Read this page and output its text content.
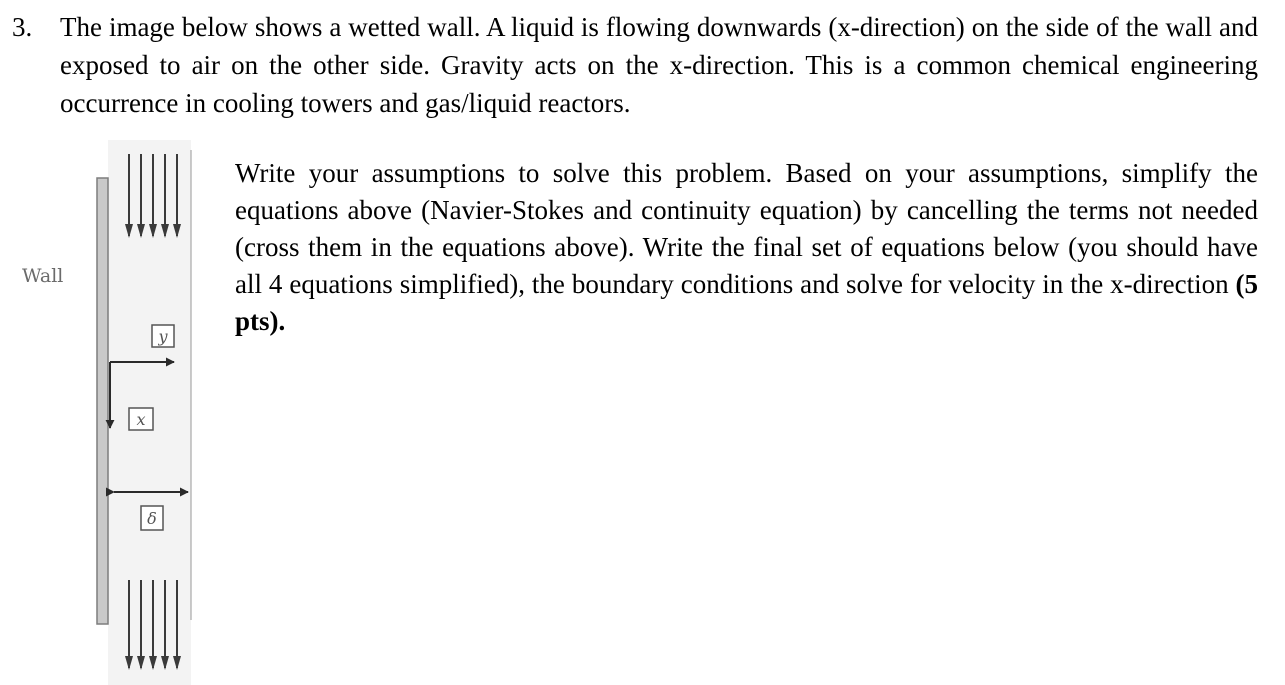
3. The image below shows a wetted wall. A liquid is flowing downwards (x-direction) on the side of the wall and exposed to air on the other side. Gravity acts on the x-direction. This is a common chemical engineering occurrence in cooling towers and gas/liquid reactors.

Wall
y
x
δ
Write your assumptions to solve this problem. Based on your assumptions, simplify the equations above (Navier-Stokes and continuity equation) by cancelling the terms not needed (cross them in the equations above). Write the final set of equations below (you should have all 4 equations simplified), the boundary conditions and solve for velocity in the x-direction (5 pts).
